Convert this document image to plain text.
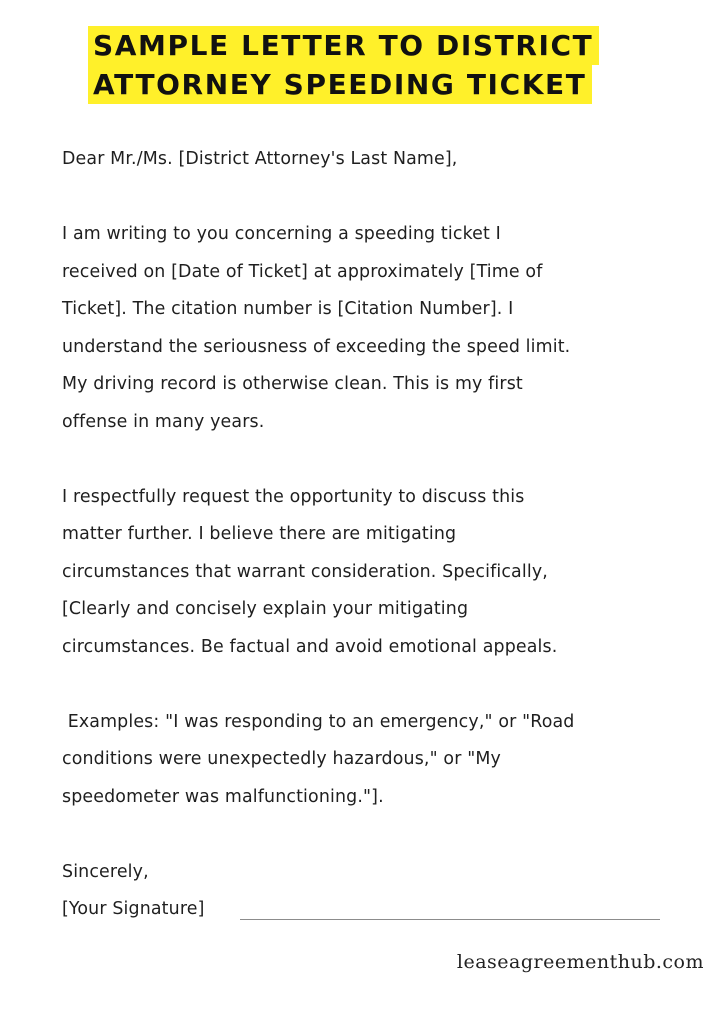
SAMPLE LETTER TO DISTRICT
ATTORNEY SPEEDING TICKET

Dear Mr./Ms. [District Attorney's Last Name],

I am writing to you concerning a speeding ticket I

received on [Date of Ticket] at approximately [Time of

Ticket]. The citation number is [Citation Number]. I

understand the seriousness of exceeding the speed limit.

My driving record is otherwise clean. This is my first

offense in many years.

I respectfully request the opportunity to discuss this

matter further. I believe there are mitigating

circumstances that warrant consideration. Specifically,

[Clearly and concisely explain your mitigating

circumstances. Be factual and avoid emotional appeals.

Examples: "I was responding to an emergency," or "Road

conditions were unexpectedly hazardous," or "My

speedometer was malfunctioning."].

Sincerely,

[Your Signature]
leaseagreementhub.com
